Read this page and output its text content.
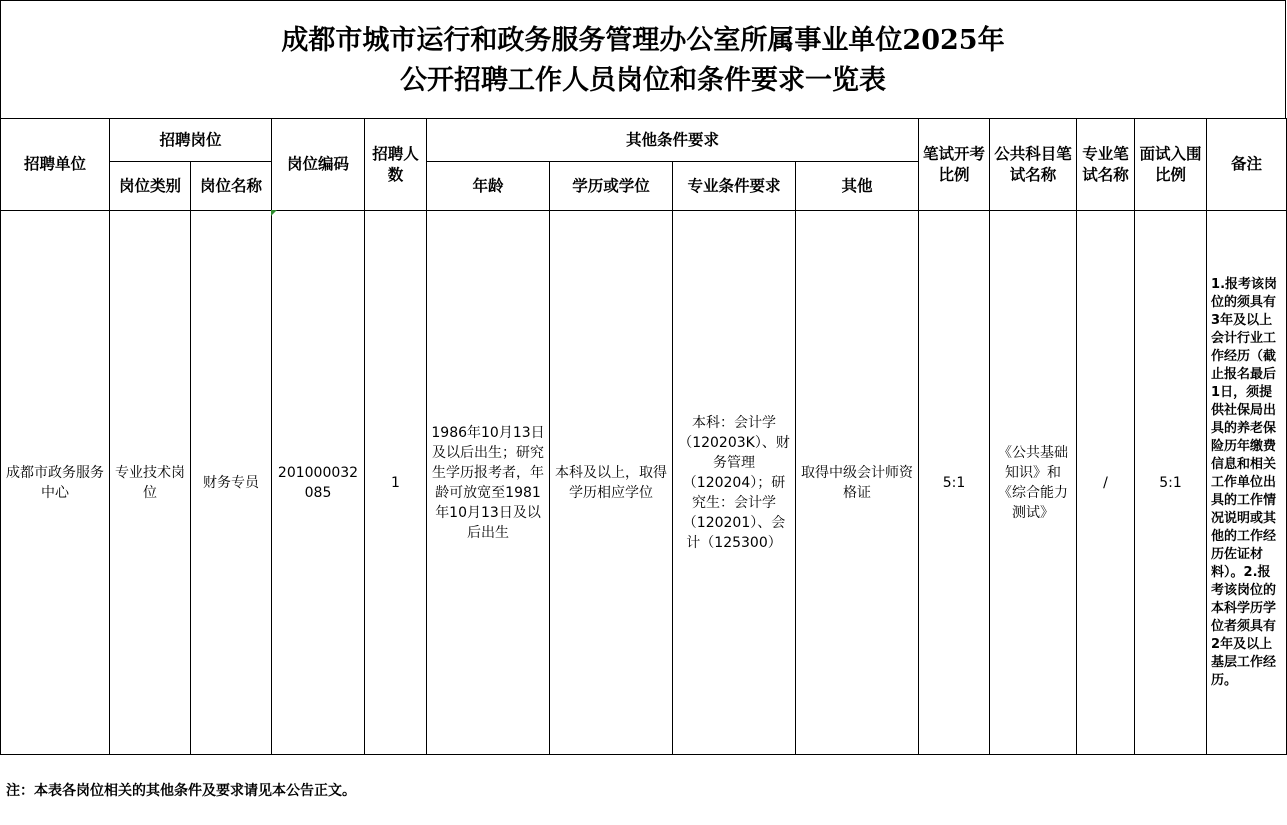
成都市城市运行和政务服务管理办公室所属事业单位2025年
公开招聘工作人员岗位和条件要求一览表
招聘单位	招聘岗位		岗位编码	招聘人数	其他条件要求				笔试开考比例	公共科目笔试名称	专业笔试名称	面试入围比例	备注
	岗位类别	岗位名称			年龄	学历或学位	专业条件要求	其他					
成都市政务服务中心	专业技术岗位	财务专员	201000032085	1	1986年10月13日及以后出生；研究生学历报考者，年龄可放宽至1981年10月13日及以后出生	本科及以上，取得学历相应学位	本科：会计学（120203K）、财务管理（120204）；研究生：会计学（120201）、会计（125300）	取得中级会计师资格证	5:1	《公共基础知识》和《综合能力测试》	/	5:1	1.报考该岗位的须具有3年及以上会计行业工作经历（截止报名最后1日，须提供社保局出具的养老保险历年缴费信息和相关工作单位出具的工作情况说明或其他的工作经历佐证材料）。2.报考该岗位的本科学历学位者须具有2年及以上基层工作经历。
注：本表各岗位相关的其他条件及要求请见本公告正文。
